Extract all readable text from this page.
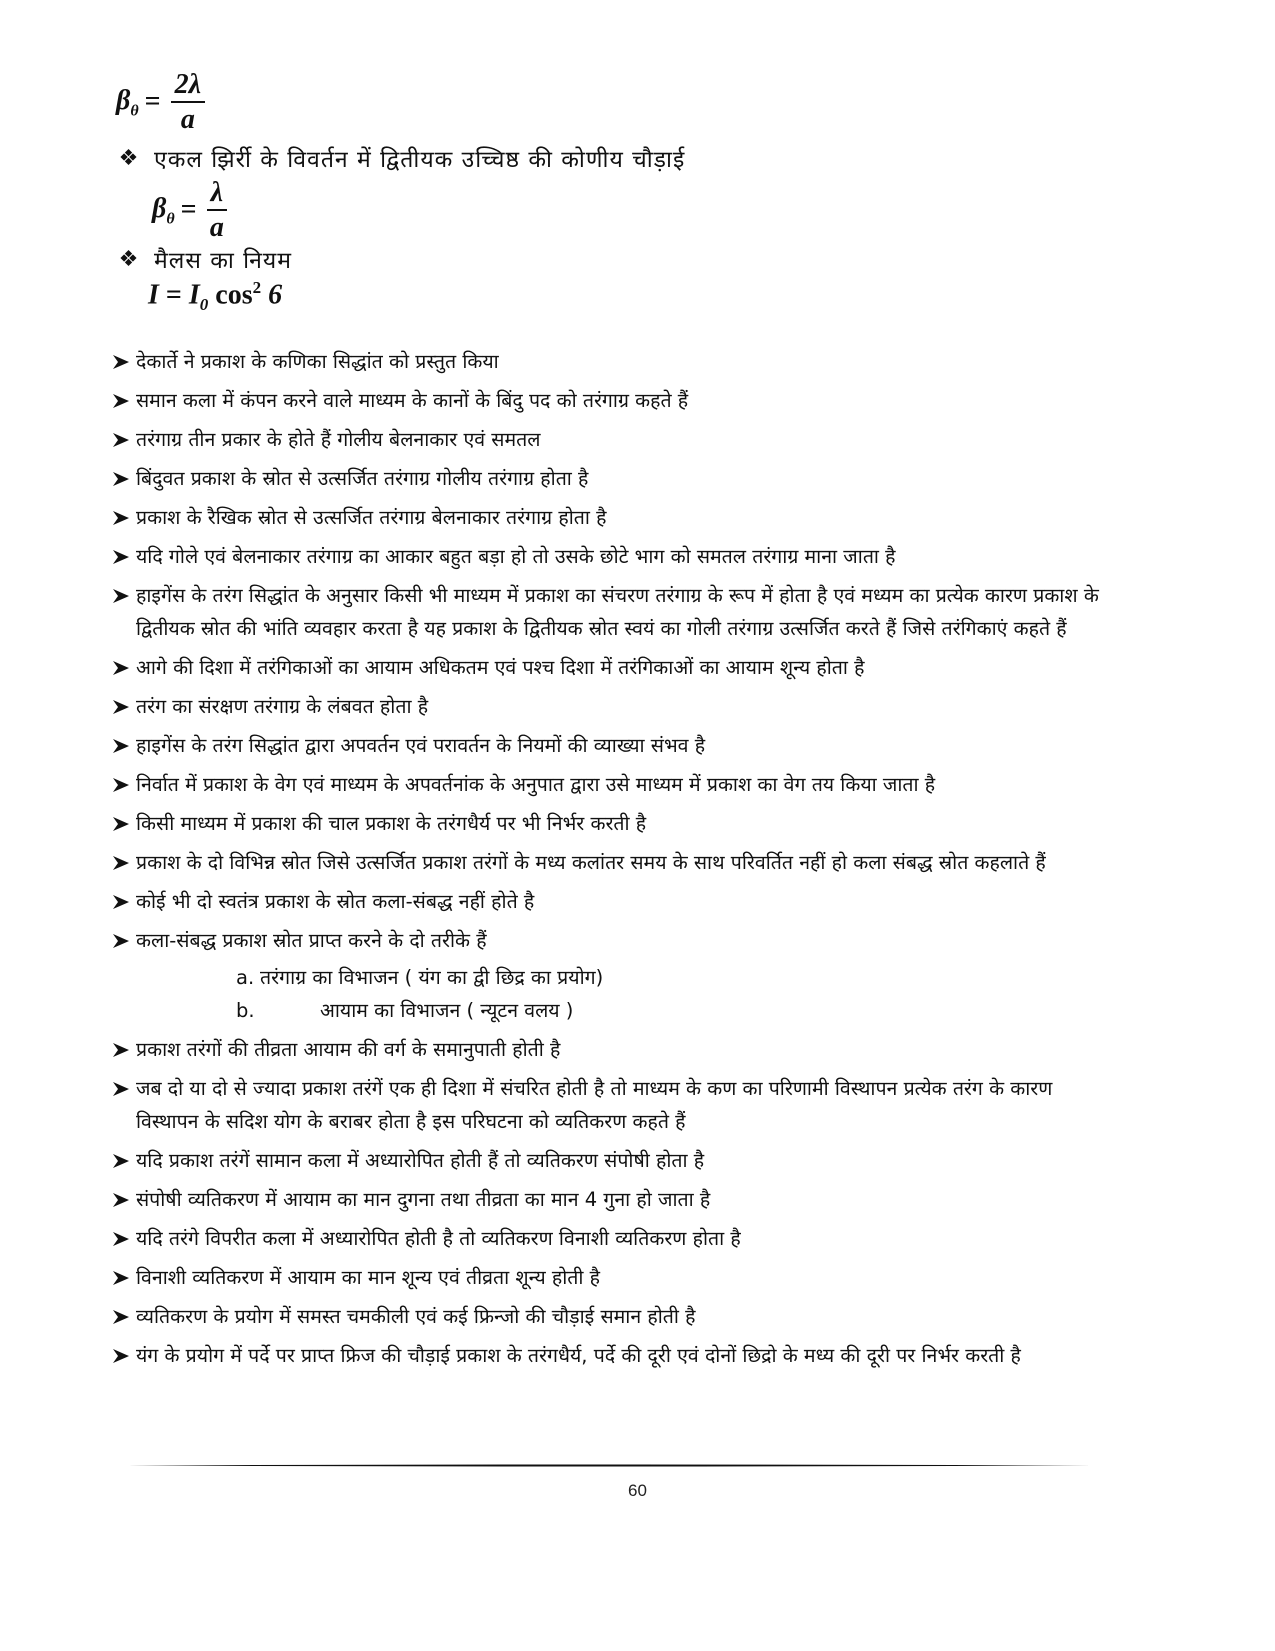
$\beta_\theta = \frac{2\lambda}{a}$
❖ एकल झिर्री के विवर्तन में द्वितीयक उच्चिष्ठ की कोणीय चौड़ाई
$\beta_\theta = \frac{\lambda}{a}$
❖ मैलस का नियम
$I = I_0$ $\cos^2 6$
देकार्ते ने प्रकाश के कणिका सिद्धांत को प्रस्तुत किया
समान कला में कंपन करने वाले माध्यम के कानों के बिंदु पद को तरंगाग्र कहते हैं
तरंगाग्र तीन प्रकार के होते हैं गोलीय बेलनाकार एवं समतल
बिंदुवत प्रकाश के स्रोत से उत्सर्जित तरंगाग्र गोलीय तरंगाग्र होता है
प्रकाश के रैखिक स्रोत से उत्सर्जित तरंगाग्र बेलनाकार तरंगाग्र होता है
यदि गोले एवं बेलनाकार तरंगाग्र का आकार बहुत बड़ा हो तो उसके छोटे भाग को समतल तरंगाग्र माना जाता है
हाइगेंस के तरंग सिद्धांत के अनुसार किसी भी माध्यम में प्रकाश का संचरण तरंगाग्र के रूप में होता है एवं मध्यम का प्रत्येक कारण प्रकाश के द्वितीयक स्रोत की भांति व्यवहार करता है यह प्रकाश के द्वितीयक स्रोत स्वयं का गोली तरंगाग्र उत्सर्जित करते हैं जिसे तरंगिकाएं कहते हैं
आगे की दिशा में तरंगिकाओं का आयाम अधिकतम एवं पश्च दिशा में तरंगिकाओं का आयाम शून्य होता है
तरंग का संरक्षण तरंगाग्र के लंबवत होता है
हाइगेंस के तरंग सिद्धांत द्वारा अपवर्तन एवं परावर्तन के नियमों की व्याख्या संभव है
निर्वात में प्रकाश के वेग एवं माध्यम के अपवर्तनांक के अनुपात द्वारा उसे माध्यम में प्रकाश का वेग तय किया जाता है
किसी माध्यम में प्रकाश की चाल प्रकाश के तरंगधैर्य पर भी निर्भर करती है
प्रकाश के दो विभिन्न स्रोत जिसे उत्सर्जित प्रकाश तरंगों के मध्य कलांतर समय के साथ परिवर्तित नहीं हो कला संबद्ध स्रोत कहलाते हैं
कोई भी दो स्वतंत्र प्रकाश के स्रोत कला-संबद्ध नहीं होते है
कला-संबद्ध प्रकाश स्रोत प्राप्त करने के दो तरीके हैं
a. तरंगाग्र का विभाजन ( यंग का द्वी छिद्र का प्रयोग)
b.	आयाम का विभाजन ( न्यूटन वलय )
प्रकाश तरंगों की तीव्रता आयाम की वर्ग के समानुपाती होती है
जब दो या दो से ज्यादा प्रकाश तरंगें एक ही दिशा में संचरित होती है तो माध्यम के कण का परिणामी विस्थापन प्रत्येक तरंग के कारण विस्थापन के सदिश योग के बराबर होता है इस परिघटना को व्यतिकरण कहते हैं
यदि प्रकाश तरंगें सामान कला में अध्यारोपित होती हैं तो व्यतिकरण संपोषी होता है
संपोषी व्यतिकरण में आयाम का मान दुगना तथा तीव्रता का मान 4 गुना हो जाता है
यदि तरंगे विपरीत कला में अध्यारोपित होती है तो व्यतिकरण विनाशी व्यतिकरण होता है
विनाशी व्यतिकरण में आयाम का मान शून्य एवं तीव्रता शून्य होती है
व्यतिकरण के प्रयोग में समस्त चमकीली एवं कई फ्रिन्जो की चौड़ाई समान होती है
यंग के प्रयोग में पर्दे पर प्राप्त फ्रिज की चौड़ाई प्रकाश के तरंगधैर्य, पर्दे की दूरी एवं दोनों छिद्रो के मध्य की दूरी पर निर्भर करती है
60
